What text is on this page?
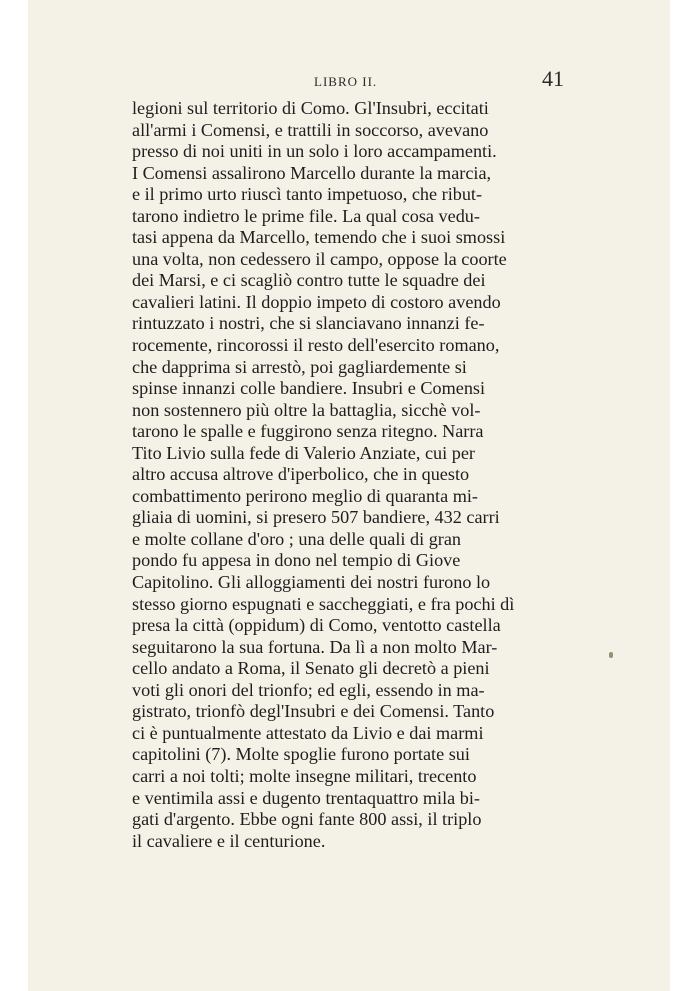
LIBRO II.	41

legioni sul territorio di Como. Gl'Insubri, eccitati
all'armi i Comensi, e trattili in soccorso, avevano
presso di noi uniti in un solo i loro accampamenti.
I Comensi assalirono Marcello durante la marcia,
e il primo urto riuscì tanto impetuoso, che ribut-
tarono indietro le prime file. La qual cosa vedu-
tasi appena da Marcello, temendo che i suoi smossi
una volta, non cedessero il campo, oppose la coorte
dei Marsi, e ci scagliò contro tutte le squadre dei
cavalieri latini. Il doppio impeto di costoro avendo
rintuzzato i nostri, che si slanciavano innanzi fe-
rocemente, rincorossi il resto dell'esercito romano,
che dapprima si arrestò, poi gagliardemente si
spinse innanzi colle bandiere. Insubri e Comensi
non sostennero più oltre la battaglia, sicchè vol-
tarono le spalle e fuggirono senza ritegno. Narra
Tito Livio sulla fede di Valerio Anziate, cui per
altro accusa altrove d'iperbolico, che in questo
combattimento perirono meglio di quaranta mi-
gliaia di uomini, si presero 507 bandiere, 432 carri
e molte collane d'oro ; una delle quali di gran
pondo fu appesa in dono nel tempio di Giove
Capitolino. Gli alloggiamenti dei nostri furono lo
stesso giorno espugnati e saccheggiati, e fra pochi dì
presa la città (oppidum) di Como, ventotto castella
seguitarono la sua fortuna. Da lì a non molto Mar-
cello andato a Roma, il Senato gli decretò a pieni
voti gli onori del trionfo; ed egli, essendo in ma-
gistrato, trionfò degl'Insubri e dei Comensi. Tanto
ci è puntualmente attestato da Livio e dai marmi
capitolini (7). Molte spoglie furono portate sui
carri a noi tolti; molte insegne militari, trecento
e ventimila assi e dugento trentaquattro mila bi-
gati d'argento. Ebbe ogni fante 800 assi, il triplo
il cavaliere e il centurione.
